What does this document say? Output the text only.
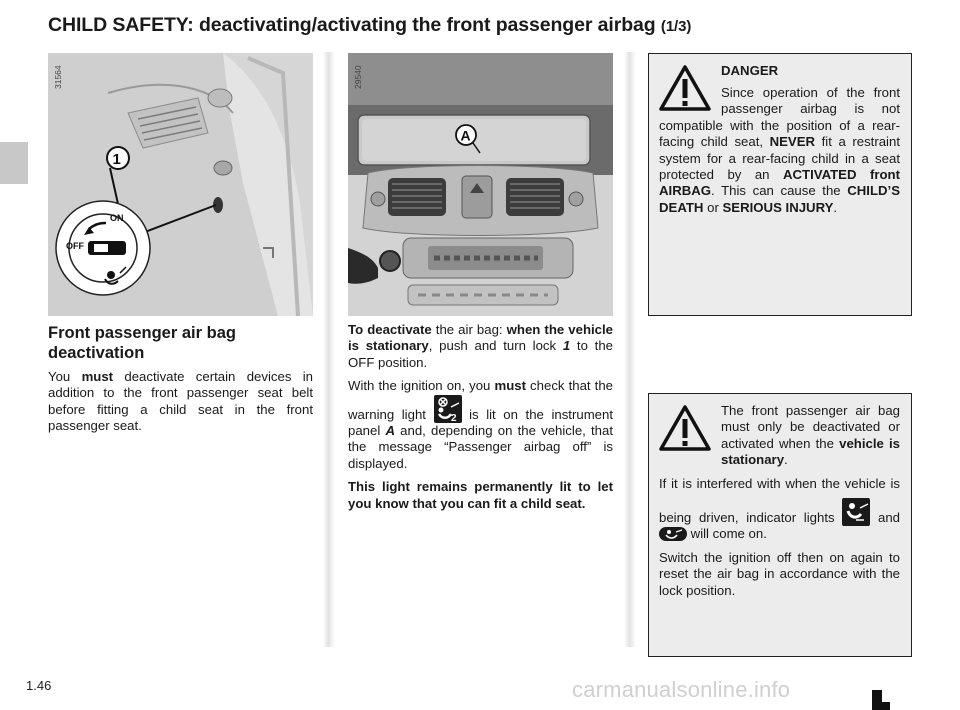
CHILD SAFETY: deactivating/activating the front passenger airbag (1/3)
1
ON
OFF
31564
A
29540
Front passenger air bag deactivation

You must deactivate certain devices in addition to the front passenger seat belt before fitting a child seat in the front passenger seat.

To deactivate the air bag: when the vehicle is stationary, push and turn lock 1 to the OFF position.

With the ignition on, you must check that the warning light 2 is lit on the instrument panel A and, depending on the vehicle, that the message “Passenger airbag off” is displayed.

This light remains permanently lit to let you know that you can fit a child seat.

DANGER

Since operation of the front passenger airbag is not compatible with the position of a rear-facing child seat, NEVER fit a restraint system for a rear-facing child in a seat protected by an ACTIVATED front AIRBAG. This can cause the CHILD’S DEATH or SERIOUS INJURY.

The front passenger air bag must only be deactivated or activated when the vehicle is stationary.

If it is interfered with when the vehicle is being driven, indicator lights
and
will come on.

Switch the ignition off then on again to reset the air bag in accordance with the lock position.

1.46	carmanualsonline.info
